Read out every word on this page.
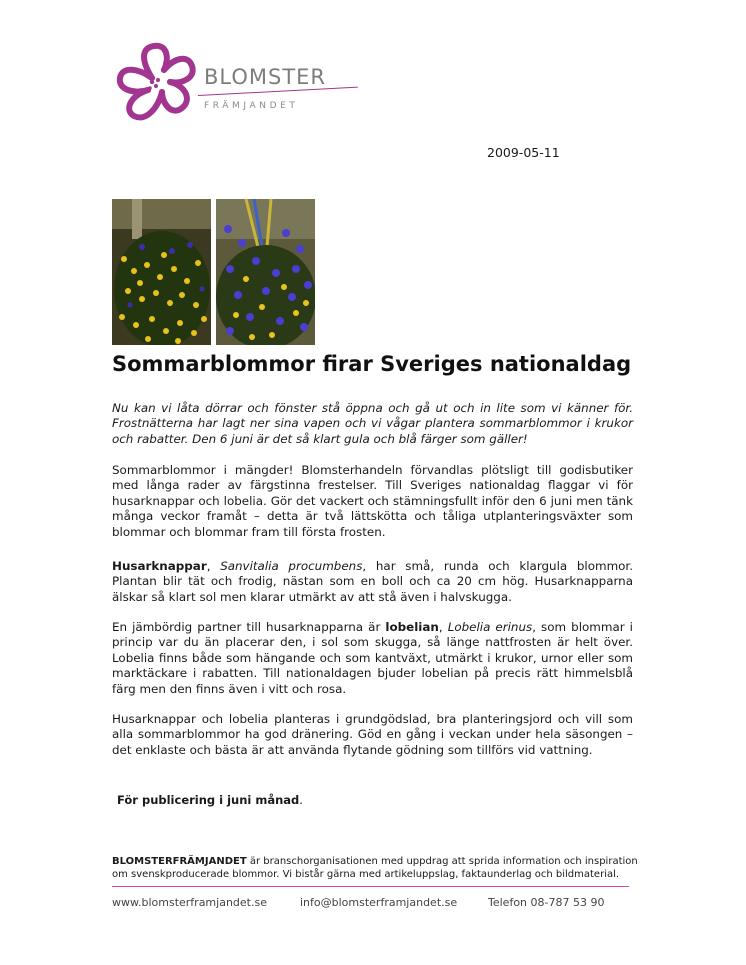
BLOMSTER
FRÄMJANDET
2009-05-11
Sommarblommor firar Sveriges nationaldag

Nu kan vi låta dörrar och fönster stå öppna och gå ut och in lite som vi känner för. Frostnätterna har lagt ner sina vapen och vi vågar plantera sommarblommor i krukor och rabatter. Den 6 juni är det så klart gula och blå färger som gäller!

Sommarblommor i mängder! Blomsterhandeln förvandlas plötsligt till godisbutiker med långa rader av färgstinna frestelser. Till Sveriges nationaldag flaggar vi för husarknappar och lobelia. Gör det vackert och stämningsfullt inför den 6 juni men tänk många veckor framåt – detta är två lättskötta och tåliga utplanteringsväxter som blommar och blommar fram till första frosten.

Husarknappar, Sanvitalia procumbens, har små, runda och klargula blommor. Plantan blir tät och frodig, nästan som en boll och ca 20 cm hög. Husarknapparna älskar så klart sol men klarar utmärkt av att stå även i halvskugga.

En jämbördig partner till husarknapparna är lobelian, Lobelia erinus, som blommar i princip var du än placerar den, i sol som skugga, så länge nattfrosten är helt över. Lobelia finns både som hängande och som kantväxt, utmärkt i krukor, urnor eller som marktäckare i rabatten. Till nationaldagen bjuder lobelian på precis rätt himmelsblå färg men den finns även i vitt och rosa.

Husarknappar och lobelia planteras i grundgödslad, bra planteringsjord och vill som alla sommarblommor ha god dränering. Göd en gång i veckan under hela säsongen – det enklaste och bästa är att använda flytande gödning som tillförs vid vattning.

För publicering i juni månad.

BLOMSTERFRÄMJANDET är branschorganisationen med uppdrag att sprida information och inspiration om svenskproducerade blommor. Vi bistår gärna med artikeluppslag, faktaunderlag och bildmaterial.

www.blomsterframjandet.se	info@blomsterframjandet.se	Telefon 08-787 53 90
